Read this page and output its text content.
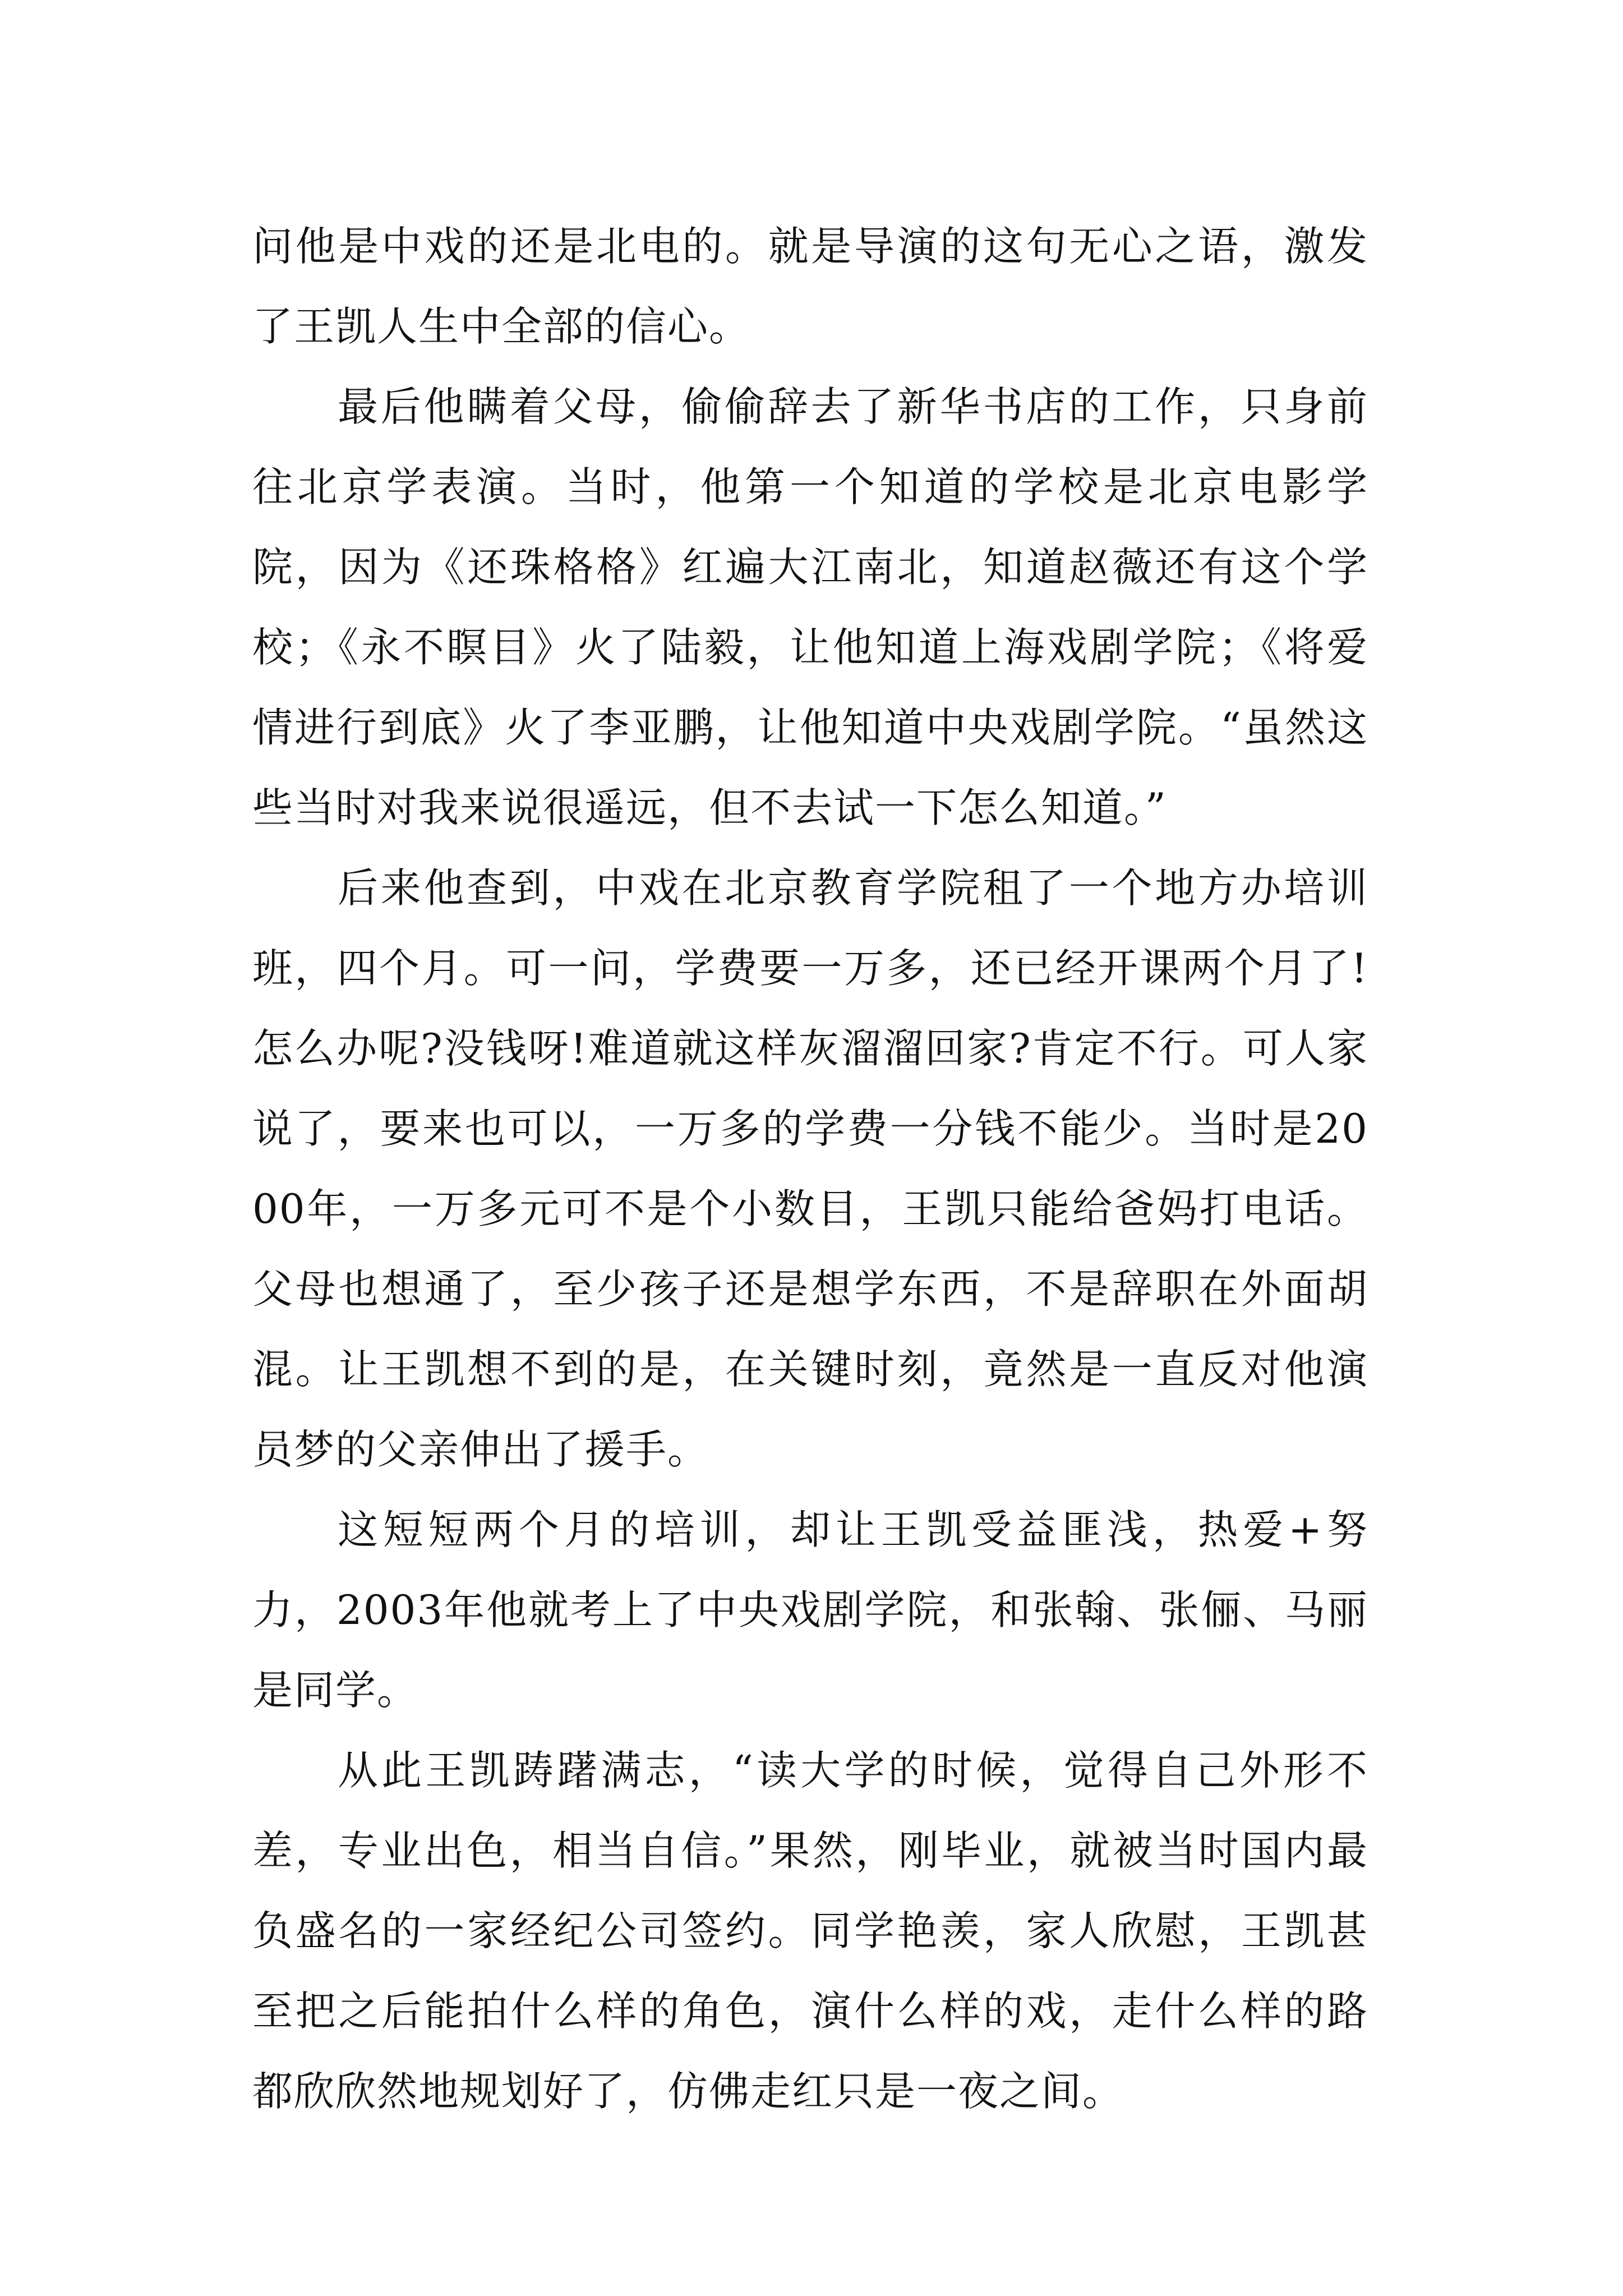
问他是中戏的还是北电的。就是导演的这句无心之语，激发了王凯人生中全部的信心。

最后他瞒着父母，偷偷辞去了新华书店的工作，只身前往北京学表演。当时，他第一个知道的学校是北京电影学院，因为《还珠格格》红遍大江南北，知道赵薇还有这个学校；《永不瞑目》火了陆毅，让他知道上海戏剧学院；《将爱情进行到底》火了李亚鹏，让他知道中央戏剧学院。“虽然这些当时对我来说很遥远，但不去试一下怎么知道。”

后来他查到，中戏在北京教育学院租了一个地方办培训班，四个月。可一问，学费要一万多，还已经开课两个月了!怎么办呢?没钱呀!难道就这样灰溜溜回家?肯定不行。可人家说了，要来也可以，一万多的学费一分钱不能少。当时是2000年，一万多元可不是个小数目，王凯只能给爸妈打电话。父母也想通了，至少孩子还是想学东西，不是辞职在外面胡混。让王凯想不到的是，在关键时刻，竟然是一直反对他演员梦的父亲伸出了援手。

这短短两个月的培训，却让王凯受益匪浅，热爱+努力，2003年他就考上了中央戏剧学院，和张翰、张俪、马丽是同学。

从此王凯踌躇满志，“读大学的时候，觉得自己外形不差，专业出色，相当自信。”果然，刚毕业，就被当时国内最负盛名的一家经纪公司签约。同学艳羡，家人欣慰，王凯甚至把之后能拍什么样的角色，演什么样的戏，走什么样的路都欣欣然地规划好了，仿佛走红只是一夜之间。
